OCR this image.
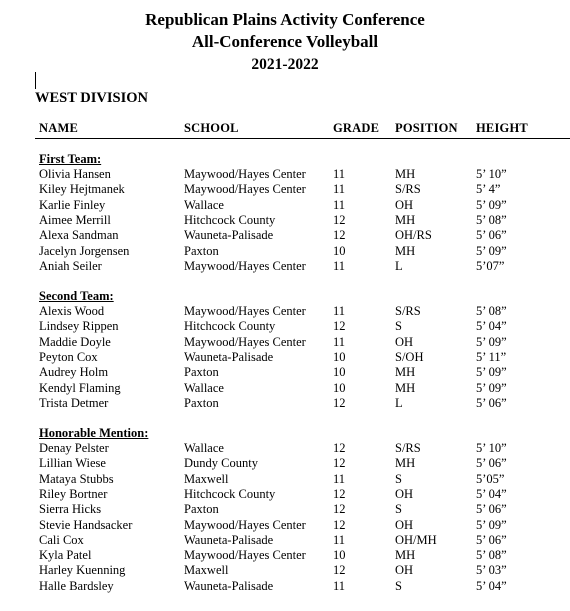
Republican Plains Activity Conference
All-Conference Volleyball
2021-2022
WEST DIVISION
NAME	SCHOOL	GRADE POSITION HEIGHT
First Team:
Olivia Hansen	Maywood/Hayes Center 11	MH	5’ 10”
Kiley Hejtmanek	Maywood/Hayes Center 11	S/RS	5’ 4”
Karlie Finley	Wallace	11	OH	5’ 09”
Aimee Merrill	Hitchcock County	12	MH	5’ 08”
Alexa Sandman	Wauneta-Palisade	12	OH/RS	5’ 06”
Jacelyn Jorgensen	Paxton	10	MH	5’ 09”
Aniah Seiler	Maywood/Hayes Center 11	L	5’07”
Second Team:
Alexis Wood	Maywood/Hayes Center 11	S/RS	5’ 08”
Lindsey Rippen	Hitchcock County	12	S	5’ 04”
Maddie Doyle	Maywood/Hayes Center 11	OH	5’ 09”
Peyton Cox	Wauneta-Palisade	10	S/OH	5’ 11”
Audrey Holm	Paxton	10	MH	5’ 09”
Kendyl Flaming	Wallace	10	MH	5’ 09”
Trista Detmer	Paxton	12	L	5’ 06”
Honorable Mention:
Denay Pelster	Wallace	12	S/RS	5’ 10”
Lillian Wiese	Dundy County	12	MH	5’ 06”
Mataya Stubbs	Maxwell	11	S	5’05”
Riley Bortner	Hitchcock County	12	OH	5’ 04”
Sierra Hicks	Paxton	12	S	5’ 06”
Stevie Handsacker	Maywood/Hayes Center 12	OH	5’ 09”
Cali Cox	Wauneta-Palisade	11	OH/MH	5’ 06”
Kyla Patel	Maywood/Hayes Center 10	MH	5’ 08”
Harley Kuenning	Maxwell	12	OH	5’ 03”
Halle Bardsley	Wauneta-Palisade	11	S	5’ 04”
